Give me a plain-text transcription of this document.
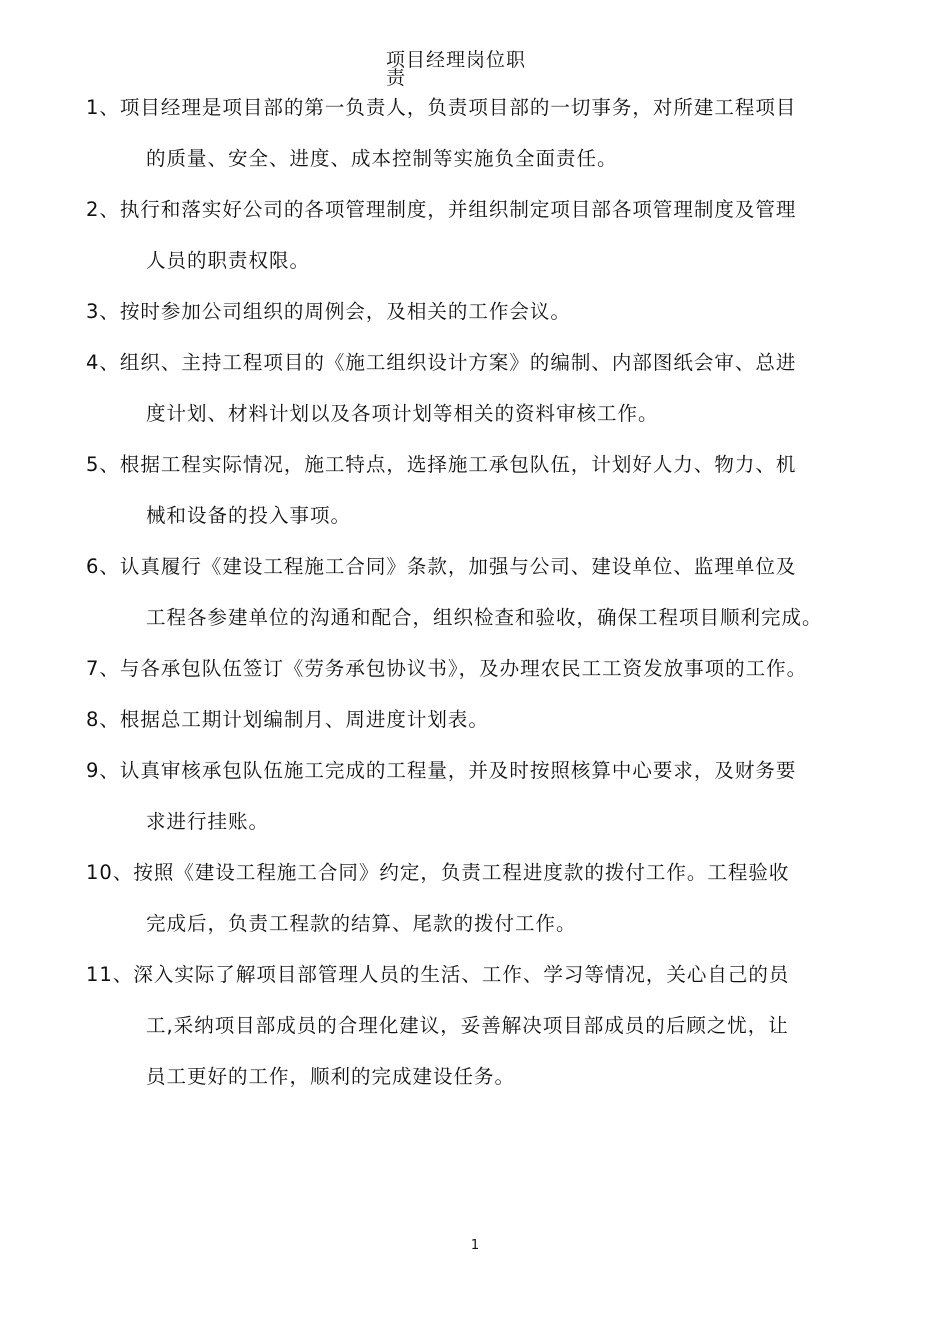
项目经理岗位职
责
1、项目经理是项目部的第一负责人，负责项目部的一切事务，对所建工程项目
的质量、安全、进度、成本控制等实施负全面责任。
2、执行和落实好公司的各项管理制度，并组织制定项目部各项管理制度及管理
人员的职责权限。
3、按时参加公司组织的周例会，及相关的工作会议。
4、组织、主持工程项目的《施工组织设计方案》的编制、内部图纸会审、总进
度计划、材料计划以及各项计划等相关的资料审核工作。
5、根据工程实际情况，施工特点，选择施工承包队伍，计划好人力、物力、机
械和设备的投入事项。
6、认真履行《建设工程施工合同》条款，加强与公司、建设单位、监理单位及
工程各参建单位的沟通和配合，组织检查和验收，确保工程项目顺利完成。
7、与各承包队伍签订《劳务承包协议书》，及办理农民工工资发放事项的工作。
8、根据总工期计划编制月、周进度计划表。
9、认真审核承包队伍施工完成的工程量，并及时按照核算中心要求，及财务要
求进行挂账。
10、按照《建设工程施工合同》约定，负责工程进度款的拨付工作。工程验收
完成后，负责工程款的结算、尾款的拨付工作。
11、深入实际了解项目部管理人员的生活、工作、学习等情况，关心自己的员
工,采纳项目部成员的合理化建议，妥善解决项目部成员的后顾之忧，让
员工更好的工作，顺利的完成建设任务。
1
